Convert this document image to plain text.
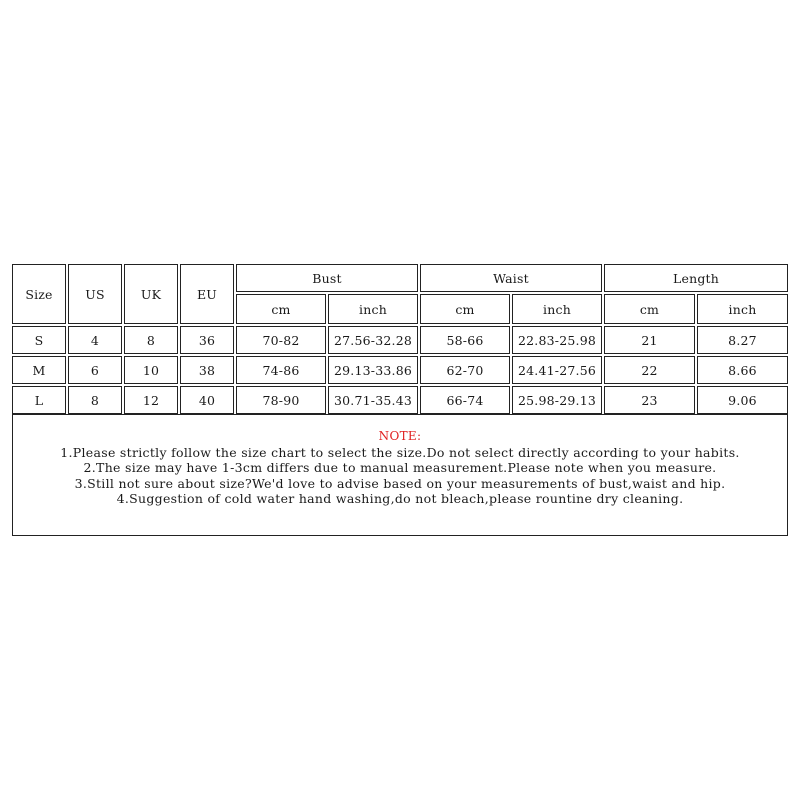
Size	US	UK	EU
Bust	Waist	Length
cm	inch	cm	inch	cm	inch
S	4	8	36	70-82	27.56-32.28	58-66	22.83-25.98	21	8.27
M	6	10	38	74-86	29.13-33.86	62-70	24.41-27.56	22	8.66
L	8	12	40	78-90	30.71-35.43	66-74	25.98-29.13	23	9.06
NOTE:
1.Please strictly follow the size chart to select the size.Do not select directly according to your habits.
2.The size may have 1-3cm differs due to manual measurement.Please note when you measure.
3.Still not sure about size?We'd love to advise based on your measurements of bust,waist and hip.
4.Suggestion of cold water hand washing,do not bleach,please rountine dry cleaning.
